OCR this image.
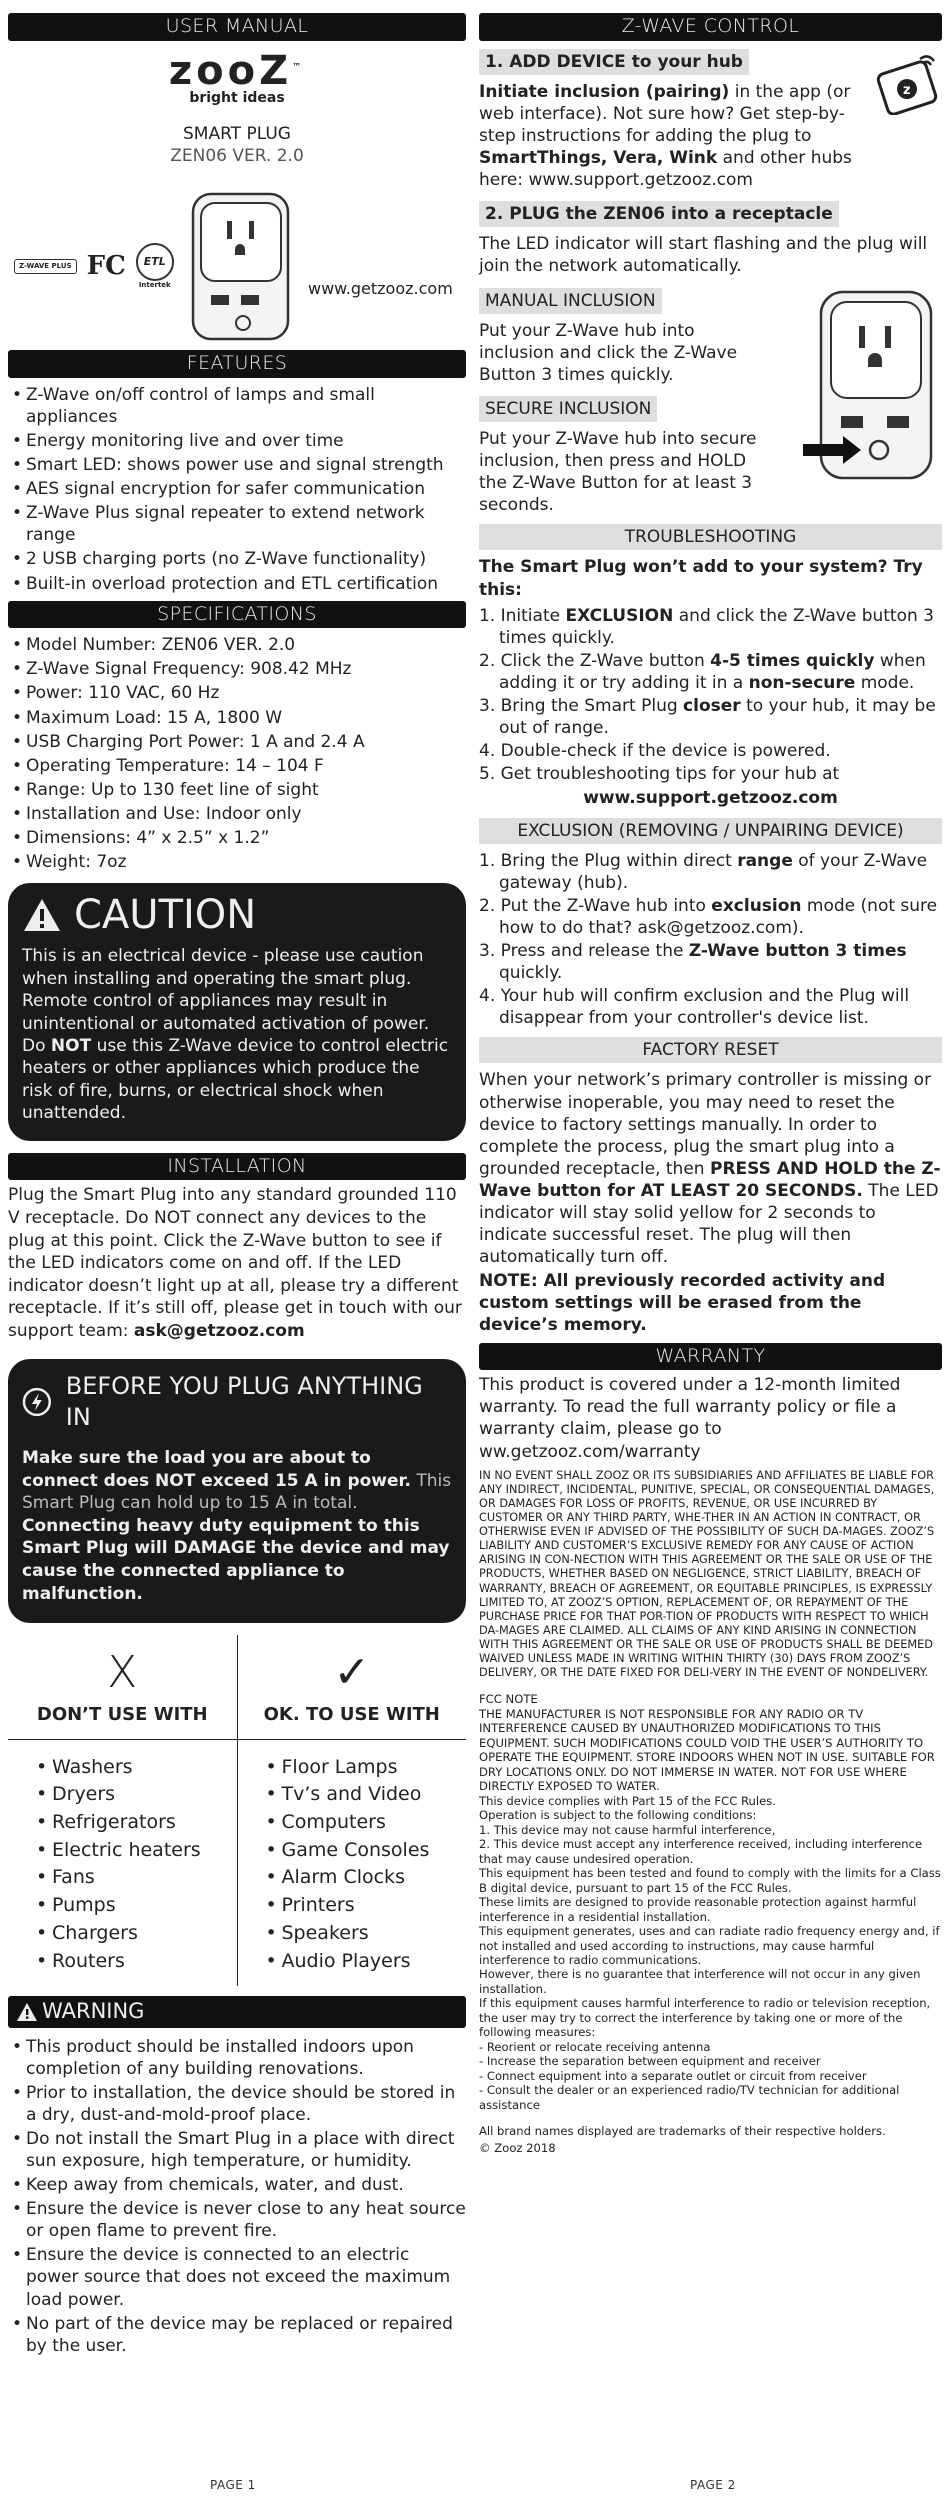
USER MANUAL
zooZ™
bright ideas
SMART PLUG
ZEN06 VER. 2.0
Z-WAVE PLUS FC	ETL
Intertek	www.getzooz.com
FEATURES
• Z-Wave on/off control of lamps and small appliances
• Energy monitoring live and over time
• Smart LED: shows power use and signal strength
• AES signal encryption for safer communication
• Z-Wave Plus signal repeater to extend network range
• 2 USB charging ports (no Z-Wave functionality)
• Built-in overload protection and ETL certification
SPECIFICATIONS
• Model Number: ZEN06 VER. 2.0
• Z-Wave Signal Frequency: 908.42 MHz
• Power: 110 VAC, 60 Hz
• Maximum Load: 15 A, 1800 W
• USB Charging Port Power: 1 A and 2.4 A
• Operating Temperature: 14 – 104 F
• Range: Up to 130 feet line of sight
• Installation and Use: Indoor only
• Dimensions: 4” x 2.5” x 1.2”
• Weight: 7oz
CAUTION

This is an electrical device - please use caution when installing and operating the smart plug. Remote control of appliances may result in unintentional or automated activation of power. Do NOT use this Z-Wave device to control electric heaters or other appliances which produce the risk of fire, burns, or electrical shock when unattended.

INSTALLATION

Plug the Smart Plug into any standard grounded 110 V receptacle. Do NOT connect any devices to the plug at this point. Click the Z-Wave button to see if the LED indicators come on and off. If the LED indicator doesn’t light up at all, please try a different receptacle. If it’s still off, please get in touch with our support team: ask@getzooz.com

BEFORE YOU PLUG ANYTHING IN

Make sure the load you are about to connect does NOT exceed 15 A in power. This Smart Plug can hold up to 15 A in total.
Connecting heavy duty equipment to this Smart Plug will DAMAGE the device and may cause the connected appliance to malfunction.

X
DON’T USE WITH
• Washers
• Dryers
• Refrigerators
• Electric heaters
• Fans
• Pumps
• Chargers
• Routers
✓
OK. TO USE WITH
• Floor Lamps
• Tv’s and Video
• Computers
• Game Consoles
• Alarm Clocks
• Printers
• Speakers
• Audio Players
WARNING
• This product should be installed indoors upon completion of any building renovations.
• Prior to installation, the device should be stored in a dry, dust-and-mold-proof place.
• Do not install the Smart Plug in a place with direct sun exposure, high temperature, or humidity.
• Keep away from chemicals, water, and dust.
• Ensure the device is never close to any heat source or open flame to prevent fire.
• Ensure the device is connected to an electric power source that does not exceed the maximum load power.
• No part of the device may be replaced or repaired by the user.
PAGE 1
Z-WAVE CONTROL
z
1. ADD DEVICE to your hub

Initiate inclusion (pairing) in the app (or web interface). Not sure how? Get step-by-step instructions for adding the plug to SmartThings, Vera, Wink and other hubs here: www.support.getzooz.com

2. PLUG the ZEN06 into a receptacle

The LED indicator will start flashing and the plug will join the network automatically.

MANUAL INCLUSION

Put your Z-Wave hub into inclusion and click the Z-Wave Button 3 times quickly.

SECURE INCLUSION

Put your Z-Wave hub into secure inclusion, then press and HOLD the Z-Wave Button for at least 3 seconds.

TROUBLESHOOTING

The Smart Plug won’t add to your system? Try this:

1. Initiate EXCLUSION and click the Z-Wave button 3 times quickly.
2. Click the Z-Wave button 4-5 times quickly when adding it or try adding it in a non-secure mode.
3. Bring the Smart Plug closer to your hub, it may be out of range.
4. Double-check if the device is powered.
5. Get troubleshooting tips for your hub at

www.support.getzooz.com

EXCLUSION (REMOVING / UNPAIRING DEVICE)
1. Bring the Plug within direct range of your Z-Wave gateway (hub).
2. Put the Z-Wave hub into exclusion mode (not sure how to do that? ask@getzooz.com).
3. Press and release the Z-Wave button 3 times quickly.
4. Your hub will confirm exclusion and the Plug will disappear from your controller's device list.
FACTORY RESET

When your network’s primary controller is missing or otherwise inoperable, you may need to reset the device to factory settings manually. In order to complete the process, plug the smart plug into a grounded receptacle, then PRESS AND HOLD the Z-Wave button for AT LEAST 20 SECONDS. The LED indicator will stay solid yellow for 2 seconds to indicate successful reset. The plug will then automatically turn off.

NOTE: All previously recorded activity and custom settings will be erased from the device’s memory.

WARRANTY

This product is covered under a 12-month limited warranty. To read the full warranty policy or file a warranty claim, please go to ww.getzooz.com/warranty

IN NO EVENT SHALL ZOOZ OR ITS SUBSIDIARIES AND AFFILIATES BE LIABLE FOR ANY INDIRECT, INCIDENTAL, PUNITIVE, SPECIAL, OR CONSEQUENTIAL DAMAGES, OR DAMAGES FOR LOSS OF PROFITS, REVENUE, OR USE INCURRED BY CUSTOMER OR ANY THIRD PARTY, WHE-THER IN AN ACTION IN CONTRACT, OR OTHERWISE EVEN IF ADVISED OF THE POSSIBILITY OF SUCH DA-MAGES. ZOOZ’S LIABILITY AND CUSTOMER’S EXCLUSIVE REMEDY FOR ANY CAUSE OF ACTION ARISING IN CON-NECTION WITH THIS AGREEMENT OR THE SALE OR USE OF THE PRODUCTS, WHETHER BASED ON NEGLIGENCE, STRICT LIABILITY, BREACH OF WARRANTY, BREACH OF AGREEMENT, OR EQUITABLE PRINCIPLES, IS EXPRESSLY LIMITED TO, AT ZOOZ’S OPTION, REPLACEMENT OF, OR REPAYMENT OF THE PURCHASE PRICE FOR THAT POR-TION OF PRODUCTS WITH RESPECT TO WHICH DA-MAGES ARE CLAIMED. ALL CLAIMS OF ANY KIND ARISING IN CONNECTION WITH THIS AGREEMENT OR THE SALE OR USE OF PRODUCTS SHALL BE DEEMED WAIVED UNLESS MADE IN WRITING WITHIN THIRTY (30) DAYS FROM ZOOZ’S DELIVERY, OR THE DATE FIXED FOR DELI-VERY IN THE EVENT OF NONDELIVERY.

FCC NOTE
THE MANUFACTURER IS NOT RESPONSIBLE FOR ANY RADIO OR TV INTERFERENCE CAUSED BY UNAUTHORIZED MODIFICATIONS TO THIS EQUIPMENT. SUCH MODIFICATIONS COULD VOID THE USER’S AUTHORITY TO OPERATE THE EQUIPMENT. STORE INDOORS WHEN NOT IN USE. SUITABLE FOR DRY LOCATIONS ONLY. DO NOT IMMERSE IN WATER. NOT FOR USE WHERE DIRECTLY EXPOSED TO WATER.
This device complies with Part 15 of the FCC Rules.
Operation is subject to the following conditions:
1. This device may not cause harmful interference,
2. This device must accept any interference received, including interference that may cause undesired operation.
This equipment has been tested and found to comply with the limits for a Class B digital device, pursuant to part 15 of the FCC Rules.
These limits are designed to provide reasonable protection against harmful interference in a residential installation.
This equipment generates, uses and can radiate radio frequency energy and, if not installed and used according to instructions, may cause harmful interference to radio communications.
However, there is no guarantee that interference will not occur in any given installation.
If this equipment causes harmful interference to radio or television reception, the user may try to correct the interference by taking one or more of the following measures:
- Reorient or relocate receiving antenna
- Increase the separation between equipment and receiver
- Connect equipment into a separate outlet or circuit from receiver
- Consult the dealer or an experienced radio/TV technician for additional assistance

All brand names displayed are trademarks of their respective holders.

© Zooz 2018

PAGE 2
